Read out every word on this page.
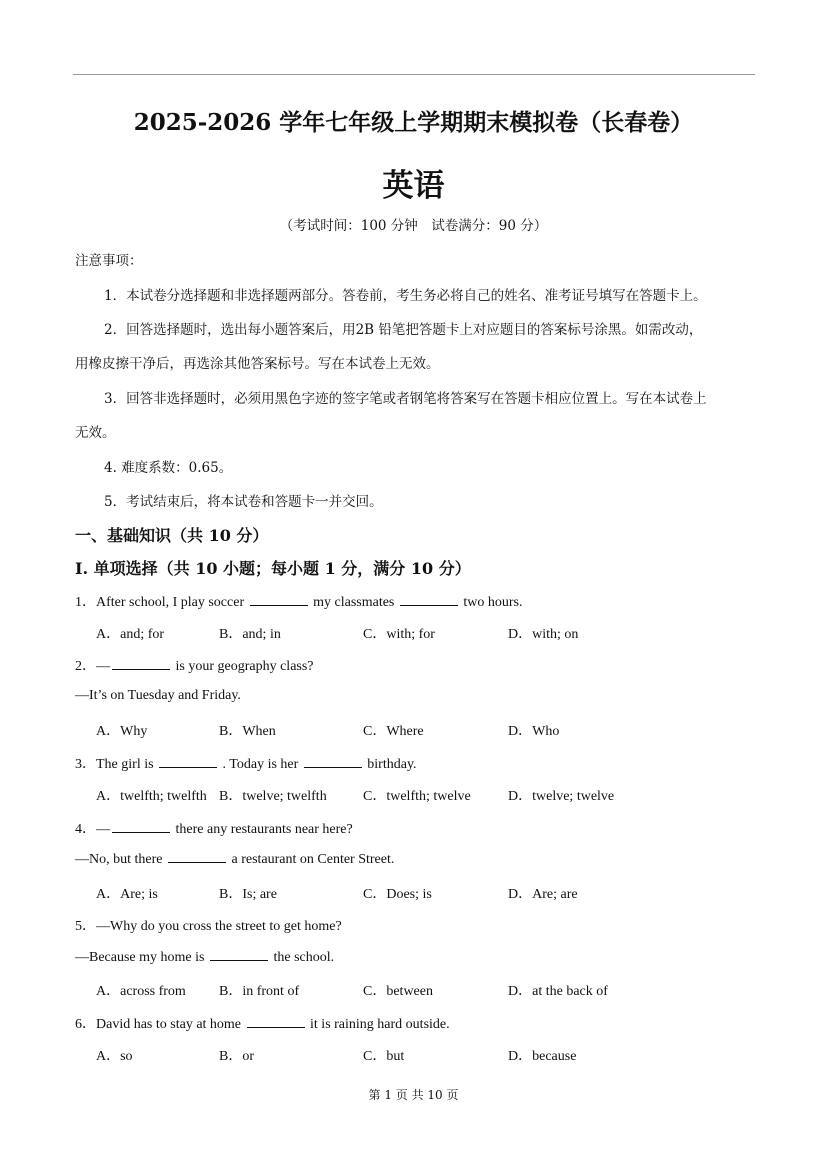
2025-2026 学年七年级上学期期末模拟卷（长春卷）
英语
（考试时间：100 分钟　试卷满分：90 分）
注意事项：
1．本试卷分选择题和非选择题两部分。答卷前，考生务必将自己的姓名、准考证号填写在答题卡上。
2．回答选择题时，选出每小题答案后，用2B 铅笔把答题卡上对应题目的答案标号涂黑。如需改动，
用橡皮擦干净后，再选涂其他答案标号。写在本试卷上无效。
3．回答非选择题时，必须用黑色字迹的签字笔或者钢笔将答案写在答题卡相应位置上。写在本试卷上
无效。
4. 难度系数：0.65。
5．考试结束后，将本试卷和答题卡一并交回。
一、基础知识（共 10 分）
I. 单项选择（共 10 小题；每小题 1 分，满分 10 分）
1．After school, I play soccer	my classmates	two hours.
A．and; for	B．and; in	C．with; for	D．with; on
2．—	is your geography class?
—It’s on Tuesday and Friday.
A．Why	B．When	C．Where	D．Who
3．The girl is	. Today is her	birthday.
A．twelfth; twelfth B．twelve; twelfth	C．twelfth; twelve	D．twelve; twelve
4．—	there any restaurants near here?
—No, but there	a restaurant on Center Street.
A．Are; is	B．Is; are	C．Does; is	D．Are; are
5．—Why do you cross the street to get home?
—Because my home is	the school.
A．across from B．in front of	C．between	D．at the back of
6．David has to stay at home	it is raining hard outside.
A．so	B．or	C．but	D．because
第 1 页 共 10 页
